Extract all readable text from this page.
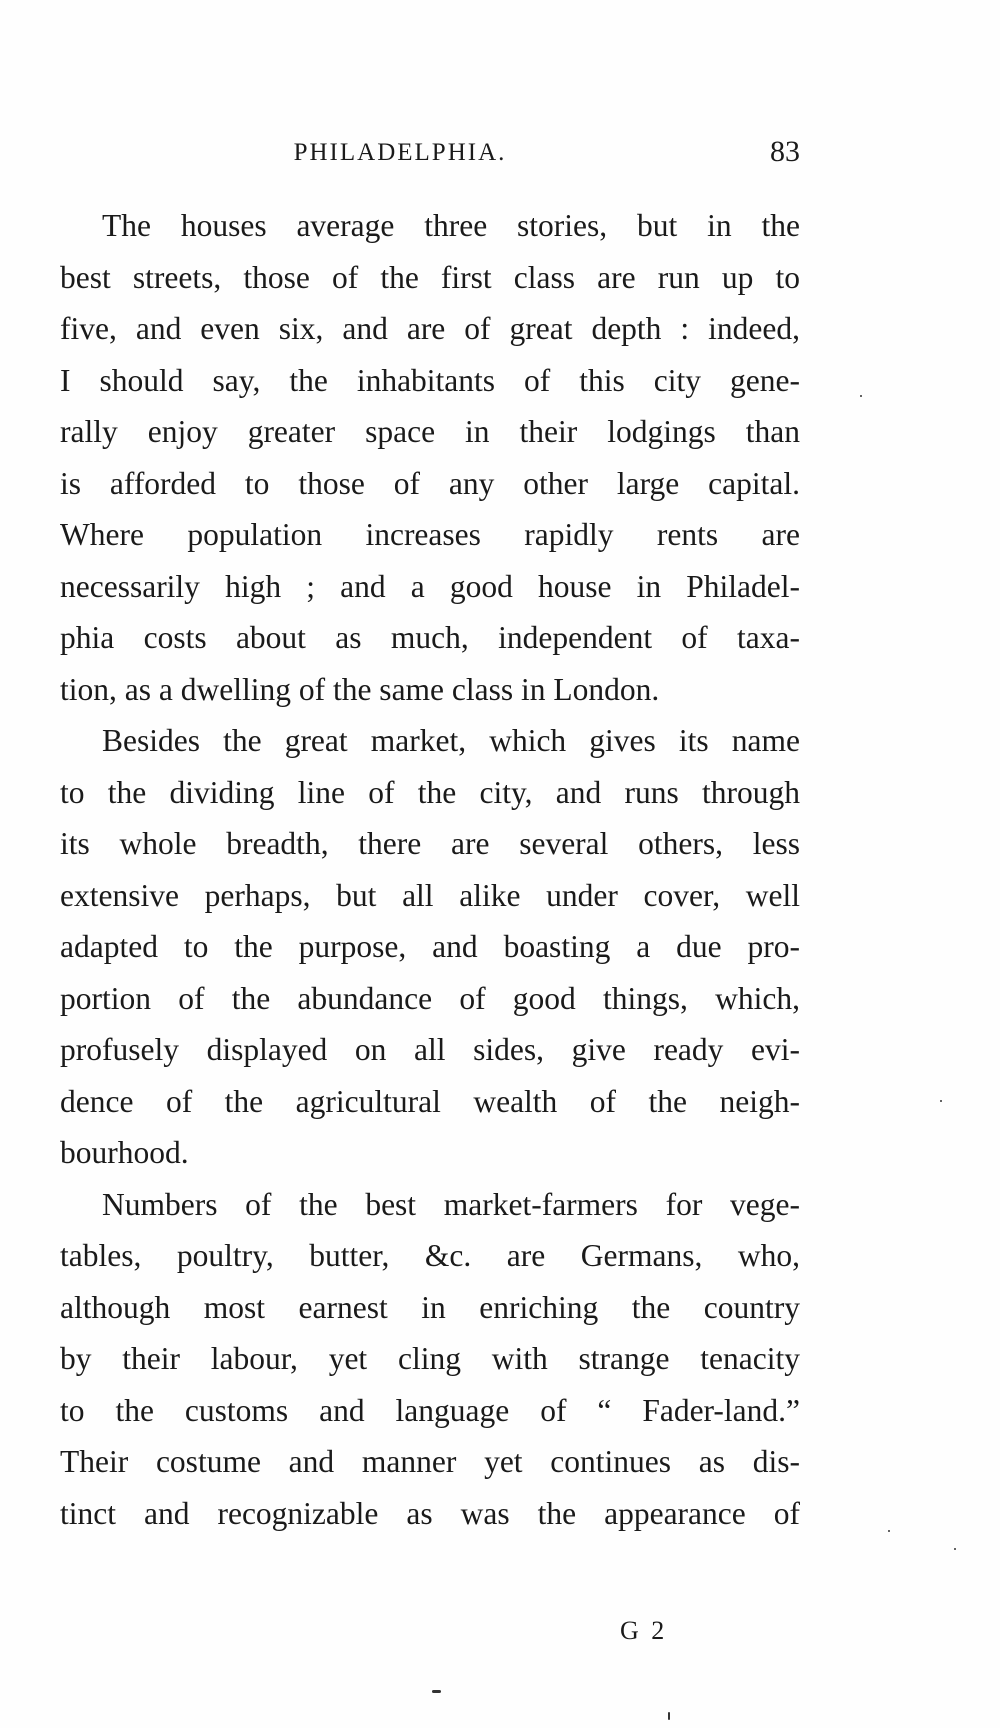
PHILADELPHIA.	83
The houses average three stories, but in the
best streets, those of the first class are run up to
five, and even six, and are of great depth : indeed,
I should say, the inhabitants of this city gene-
rally enjoy greater space in their lodgings than
is afforded to those of any other large capital.
Where population increases rapidly rents are
necessarily high ; and a good house in Philadel-
phia costs about as much, independent of taxa-
tion, as a dwelling of the same class in London.
Besides the great market, which gives its name
to the dividing line of the city, and runs through
its whole breadth, there are several others, less
extensive perhaps, but all alike under cover, well
adapted to the purpose, and boasting a due pro-
portion of the abundance of good things, which,
profusely displayed on all sides, give ready evi-
dence of the agricultural wealth of the neigh-
bourhood.
Numbers of the best market-farmers for vege-
tables, poultry, butter, &c. are Germans, who,
although most earnest in enriching the country
by their labour, yet cling with strange tenacity
to the customs and language of “ Fader-land.”
Their costume and manner yet continues as dis-
tinct and recognizable as was the appearance of
G 2
